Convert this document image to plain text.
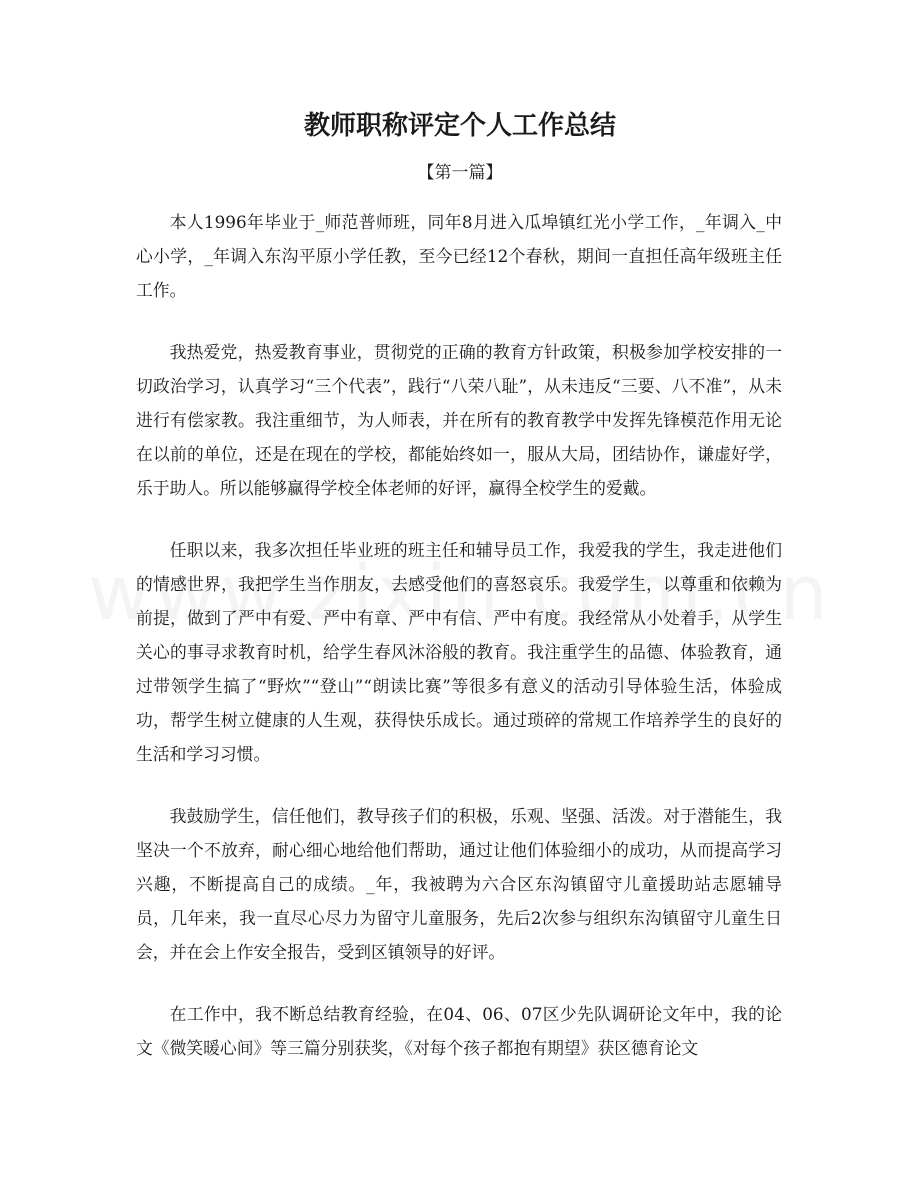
教师职称评定个人工作总结
【第一篇】

本人1996年毕业于_师范普师班，同年8月进入瓜埠镇红光小学工作，_年调入_中心小学，_年调入东沟平原小学任教，至今已经12个春秋，期间一直担任高年级班主任工作。

我热爱党，热爱教育事业，贯彻党的正确的教育方针政策，积极参加学校安排的一切政治学习，认真学习“三个代表”，践行“八荣八耻”，从未违反“三要、八不准”，从未进行有偿家教。我注重细节，为人师表，并在所有的教育教学中发挥先锋模范作用无论在以前的单位，还是在现在的学校，都能始终如一，服从大局，团结协作，谦虚好学，乐于助人。所以能够赢得学校全体老师的好评，赢得全校学生的爱戴。

任职以来，我多次担任毕业班的班主任和辅导员工作，我爱我的学生，我走进他们的情感世界，我把学生当作朋友，去感受他们的喜怒哀乐。我爱学生，以尊重和依赖为前提，做到了严中有爱、严中有章、严中有信、严中有度。我经常从小处着手，从学生关心的事寻求教育时机，给学生春风沐浴般的教育。我注重学生的品德、体验教育，通过带领学生搞了“野炊”“登山”“朗读比赛”等很多有意义的活动引导体验生活，体验成功，帮学生树立健康的人生观，获得快乐成长。通过琐碎的常规工作培养学生的良好的生活和学习习惯。

我鼓励学生，信任他们，教导孩子们的积极，乐观、坚强、活泼。对于潜能生，我坚决一个不放弃，耐心细心地给他们帮助，通过让他们体验细小的成功，从而提高学习兴趣，不断提高自己的成绩。_年，我被聘为六合区东沟镇留守儿童援助站志愿辅导员，几年来，我一直尽心尽力为留守儿童服务，先后2次参与组织东沟镇留守儿童生日会，并在会上作安全报告，受到区镇领导的好评。

在工作中，我不断总结教育经验，在04、06、07区少先队调研论文年中，我的论文《微笑暖心间》等三篇分别获奖，《对每个孩子都抱有期望》获区德育论文
